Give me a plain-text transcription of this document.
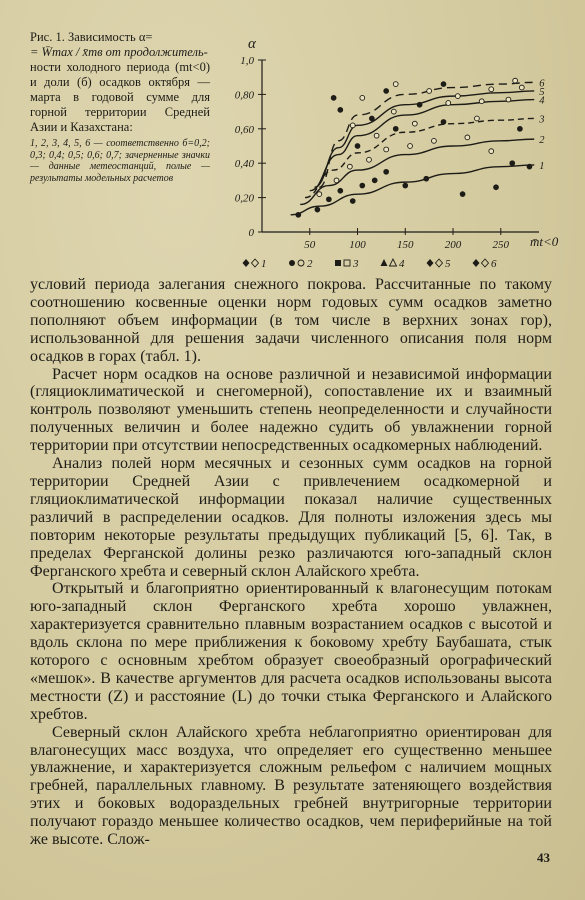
Рис. 1. Зависимость α=
= W̄max / x̄тв от продолжитель-
ности холодного периода (mt<0) и доли (б) осадков октября — марта в годовой сумме для горной территории Средней Азии и Казахстана:
1, 2, 3, 4, 5, 6 — соответственно б=0,2; 0,3; 0,4; 0,5; 0,6; 0,7; зачерненные значки — данные метеостанций, полые — результаты модельных расчетов
α
m̄t<0
0
0,20
0,40
0,60
0,80
1,0
50	100	150	200	250
1
2
3
4
5
6
1	2	3	4	5	6

условий периода залегания снежного покрова. Рассчитанные по такому соотношению косвенные оценки норм годовых сумм осадков заметно пополняют объем информации (в том числе в верхних зонах гор), использованной для решения задачи численного описания поля норм осадков в горах (табл. 1).

Расчет норм осадков на основе различной и независимой информации (гляциоклиматической и снегомерной), сопоставление их и взаимный контроль позволяют уменьшить степень неопределенности и случайности полученных величин и более надежно судить об увлажнении горной территории при отсутствии непосредственных осадкомерных наблюдений.

Анализ полей норм месячных и сезонных сумм осадков на горной территории Средней Азии с привлечением осадкомерной и гляциоклиматической информации показал наличие существенных различий в распределении осадков. Для полноты изложения здесь мы повторим некоторые результаты предыдущих публикаций [5, 6]. Так, в пределах Ферганской долины резко различаются юго-западный склон Ферганского хребта и северный склон Алайского хребта.

Открытый и благоприятно ориентированный к влагонесущим потокам юго-западный склон Ферганского хребта хорошо увлажнен, характеризуется сравнительно плавным возрастанием осадков с высотой и вдоль склона по мере приближения к боковому хребту Баубашата, стык которого с основным хребтом образует своеобразный орографический «мешок». В качестве аргументов для расчета осадков использованы высота местности (Z) и расстояние (L) до точки стыка Ферганского и Алайского хребтов.

Северный склон Алайского хребта неблагоприятно ориентирован для влагонесущих масс воздуха, что определяет его существенно меньшее увлажнение, и характеризуется сложным рельефом с наличием мощных гребней, параллельных главному. В результате затеняющего воздействия этих и боковых водораздельных гребней внутригорные территории получают гораздо меньшее количество осадков, чем периферийные на той же высоте. Слож-

43
